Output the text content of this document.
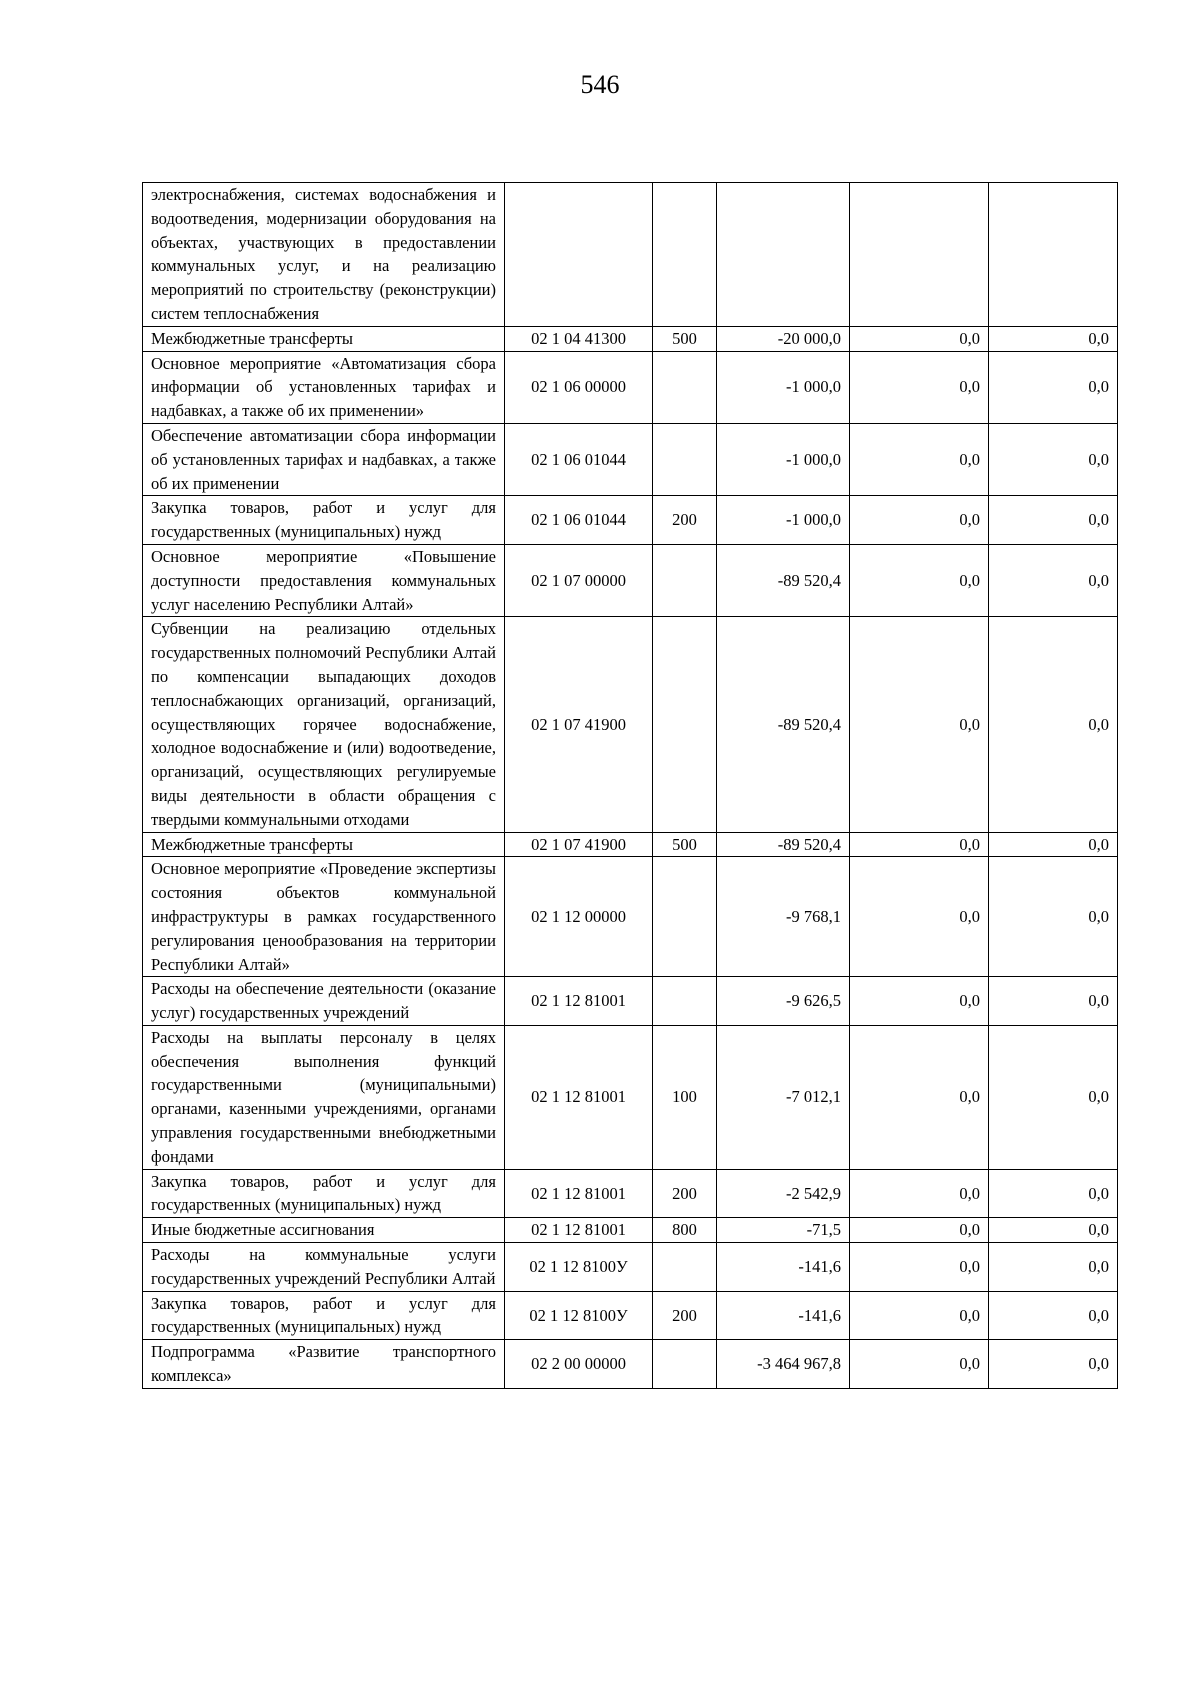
546
электроснабжения, системах водоснабжения и водоотведения, модернизации оборудования на объектах, участвующих в предоставлении коммунальных услуг, и на реализацию мероприятий по строительству (реконструкции) систем теплоснабжения					
Межбюджетные трансферты	02 1 04 41300	500	-20 000,0	0,0	0,0
Основное мероприятие «Автоматизация сбора информации об установленных тарифах и надбавках, а также об их применении»	02 1 06 00000		-1 000,0	0,0	0,0
Обеспечение автоматизации сбора информации об установленных тарифах и надбавках, а также об их применении	02 1 06 01044		-1 000,0	0,0	0,0
Закупка товаров, работ и услуг для государственных (муниципальных) нужд	02 1 06 01044	200	-1 000,0	0,0	0,0
Основное мероприятие «Повышение доступности предоставления коммунальных услуг населению Республики Алтай»	02 1 07 00000		-89 520,4	0,0	0,0
Субвенции на реализацию отдельных государственных полномочий Республики Алтай по компенсации выпадающих доходов теплоснабжающих организаций, организаций, осуществляющих горячее водоснабжение, холодное водоснабжение и (или) водоотведение, организаций, осуществляющих регулируемые виды деятельности в области обращения с твердыми коммунальными отходами	02 1 07 41900		-89 520,4	0,0	0,0
Межбюджетные трансферты	02 1 07 41900	500	-89 520,4	0,0	0,0
Основное мероприятие «Проведение экспертизы состояния объектов коммунальной инфраструктуры в рамках государственного регулирования ценообразования на территории Республики Алтай»	02 1 12 00000		-9 768,1	0,0	0,0
Расходы на обеспечение деятельности (оказание услуг) государственных учреждений	02 1 12 81001		-9 626,5	0,0	0,0
Расходы на выплаты персоналу в целях обеспечения выполнения функций государственными (муниципальными) органами, казенными учреждениями, органами управления государственными внебюджетными фондами	02 1 12 81001	100	-7 012,1	0,0	0,0
Закупка товаров, работ и услуг для государственных (муниципальных) нужд	02 1 12 81001	200	-2 542,9	0,0	0,0
Иные бюджетные ассигнования	02 1 12 81001	800	-71,5	0,0	0,0
Расходы на коммунальные услуги государственных учреждений Республики Алтай	02 1 12 8100У		-141,6	0,0	0,0
Закупка товаров, работ и услуг для государственных (муниципальных) нужд	02 1 12 8100У	200	-141,6	0,0	0,0
Подпрограмма «Развитие транспортного комплекса»	02 2 00 00000		-3 464 967,8	0,0	0,0
